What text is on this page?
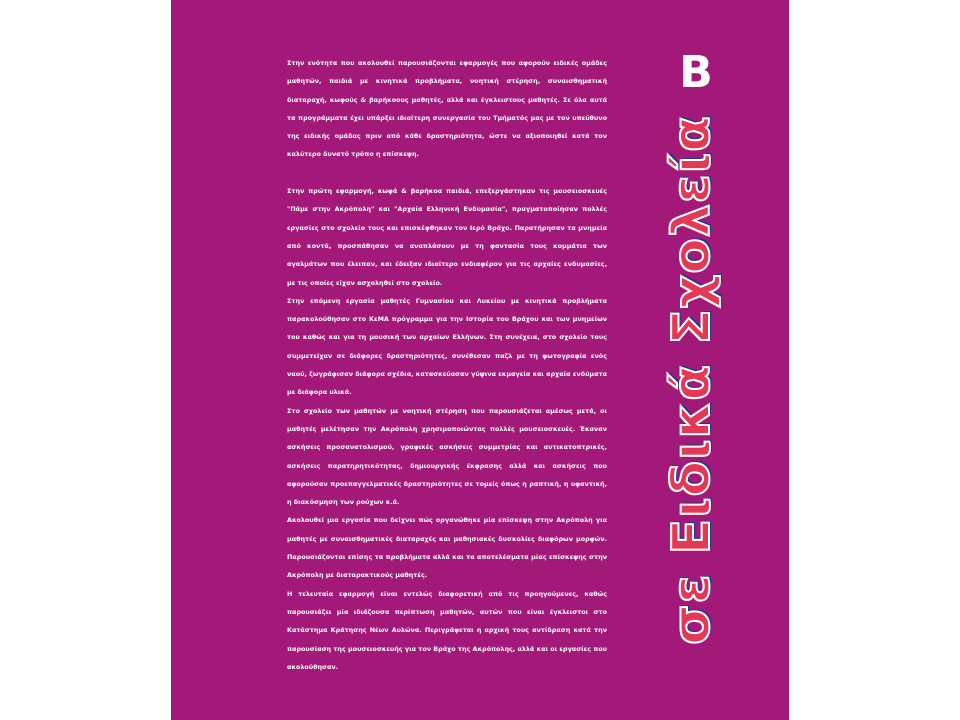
Στην ενότητα που ακολουθεί παρουσιάζονται εφαρμογές που αφορούν ειδικές ομάδες μαθητών, παιδιά με κινητικά προβλήματα, νοητική στέρηση, συναισθηματική διαταραχή, κωφούς & βαρήκοους μαθητές, αλλά και έγκλειστους μαθητές. Σε όλα αυτά τα προγράμματα έχει υπάρξει ιδιαίτερη συνεργασία του Τμήματός μας με τον υπεύθυνο της ειδικής ομάδας πριν από κάθε δραστηριότητα, ώστε να αξιοποιηθεί κατά τον καλύτερο δυνατό τρόπο η επίσκεψη.

Στην πρώτη εφαρμογή, κωφά & βαρήκοα παιδιά, επεξεργάστηκαν τις μουσειοσκευές "Πάμε στην Ακρόπολη" και "Αρχαία Ελληνική Ενδυμασία", πραγματοποίησαν πολλές εργασίες στο σχολείο τους και επισκέφθηκαν τον Ιερό Βράχο. Παρατήρησαν τα μνημεία από κοντά, προσπάθησαν να αναπλάσουν με τη φαντασία τους κομμάτια των αγαλμάτων που έλειπαν, και έδειξαν ιδιαίτερο ενδιαφέρον για τις αρχαίες ενδυμασίες, με τις οποίες είχαν ασχοληθεί στο σχολείο.

Στην επόμενη εργασία μαθητές Γυμνασίου και Λυκείου με κινητικά προβλήματα παρακολούθησαν στο ΚεΜΑ πρόγραμμα για την Ιστορία του Βράχου και των μνημείων του καθώς και για τη μουσική των αρχαίων Ελλήνων. Στη συνέχεια, στο σχολείο τους συμμετείχαν σε διάφορες δραστηριότητες, συνέθεσαν παζλ με τη φωτογραφία ενός ναού, ζωγράφισαν διάφορα σχέδια, κατασκεύασαν γύψινα εκμαγεία και αρχαία ενδύματα με διάφορα υλικά.

Στο σχολείο των μαθητών με νοητική στέρηση που παρουσιάζεται αμέσως μετά, οι μαθητές μελέτησαν την Ακρόπολη χρησιμοποιώντας πολλές μουσειοσκευές. Έκαναν ασκήσεις προσανατολισμού, γραφικές ασκήσεις συμμετρίας και αντικατοπτρικές, ασκήσεις παρατηρητικότητας, δημιουργικής έκφρασης αλλά και ασκήσεις που αφορούσαν προεπαγγελματικές δραστηριότητες σε τομείς όπως η ραπτική, η υφαντική, η διακόσμηση των ρούχων κ.ά.

Ακολουθεί μια εργασία που δείχνει πώς οργανώθηκε μία επίσκεψη στην Ακρόπολη για μαθητές με συναισθηματικές διαταραχές και μαθησιακές δυσκολίες διαφόρων μορφών. Παρουσιάζονται επίσης τα προβλήματα αλλά και τα αποτελέσματα μίας επίσκεψης στην Ακρόπολη με διαταρακτικούς μαθητές.

Η τελευταία εφαρμογή είναι εντελώς διαφορετική από τις προηγούμενες, καθώς παρουσιάζει μία ιδιάζουσα περίπτωση μαθητών, αυτών που είναι έγκλειστοι στο Κατάστημα Κράτησης Νέων Αυλώνα. Περιγράφεται η αρχική τους αντίδραση κατά την παρουσίαση της μουσειοσκευής για τον Βράχο της Ακρόπολης, αλλά και οι εργασίες που ακολούθησαν.

Β
σε Ειδικά Σχολεία
